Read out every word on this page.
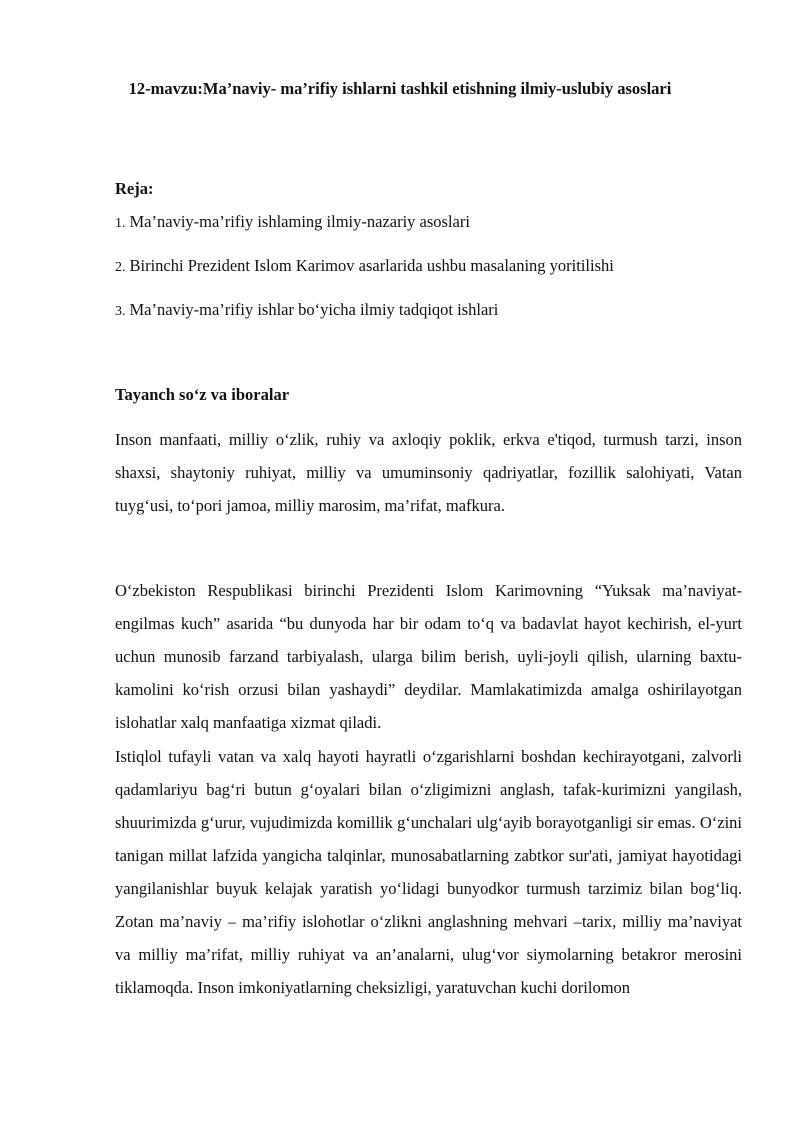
12-mavzu:Ma’naviy- ma’rifiy ishlarni tashkil etishning ilmiy-uslubiy asoslari
Reja:
1. Ma’naviy-ma’rifiy ishlaming ilmiy-nazariy asoslari
2. Birinchi Prezident Islom Karimov asarlarida ushbu masalaning yoritilishi
3. Ma’naviy-ma’rifiy ishlar bo‘yicha ilmiy tadqiqot ishlari
Tayanch so‘z va iboralar

Inson manfaati, milliy o‘zlik, ruhiy va axloqiy poklik, erkva e'tiqod, turmush tarzi, inson shaxsi, shaytoniy ruhiyat, milliy va umuminsoniy qadriyatlar, fozillik salohiyati, Vatan tuyg‘usi, to‘pori jamoa, milliy marosim, ma’rifat, mafkura.

O‘zbekiston Respublikasi birinchi Prezidenti Islom Karimovning “Yuksak ma’naviyat-engilmas kuch” asarida “bu dunyoda har bir odam to‘q va badavlat hayot kechirish, el-yurt uchun munosib farzand tarbiyalash, ularga bilim berish, uyli-joyli qilish, ularning baxtu-kamolini ko‘rish orzusi bilan yashaydi” deydilar. Mamlakatimizda amalga oshirilayotgan islohatlar xalq manfaatiga xizmat qiladi.

Istiqlol tufayli vatan va xalq hayoti hayratli o‘zgarishlarni boshdan kechirayotgani, zalvorli qadamlariyu bag‘ri butun g‘oyalari bilan o‘zligimizni anglash, tafak-kurimizni yangilash, shuurimizda g‘urur, vujudimizda komillik g‘unchalari ulg‘ayib borayotganligi sir emas. O‘zini tanigan millat lafzida yangicha talqinlar, munosabatlarning zabtkor sur'ati, jamiyat hayotidagi yangilanishlar buyuk kelajak yaratish yo‘lidagi bunyodkor turmush tarzimiz bilan bog‘liq. Zotan ma’naviy – ma’rifiy islohotlar o‘zlikni anglashning mehvari –tarix, milliy ma’naviyat va milliy ma’rifat, milliy ruhiyat va an’analarni, ulug‘vor siymolarning betakror merosini tiklamoqda. Inson imkoniyatlarning cheksizligi, yaratuvchan kuchi dorilomon
